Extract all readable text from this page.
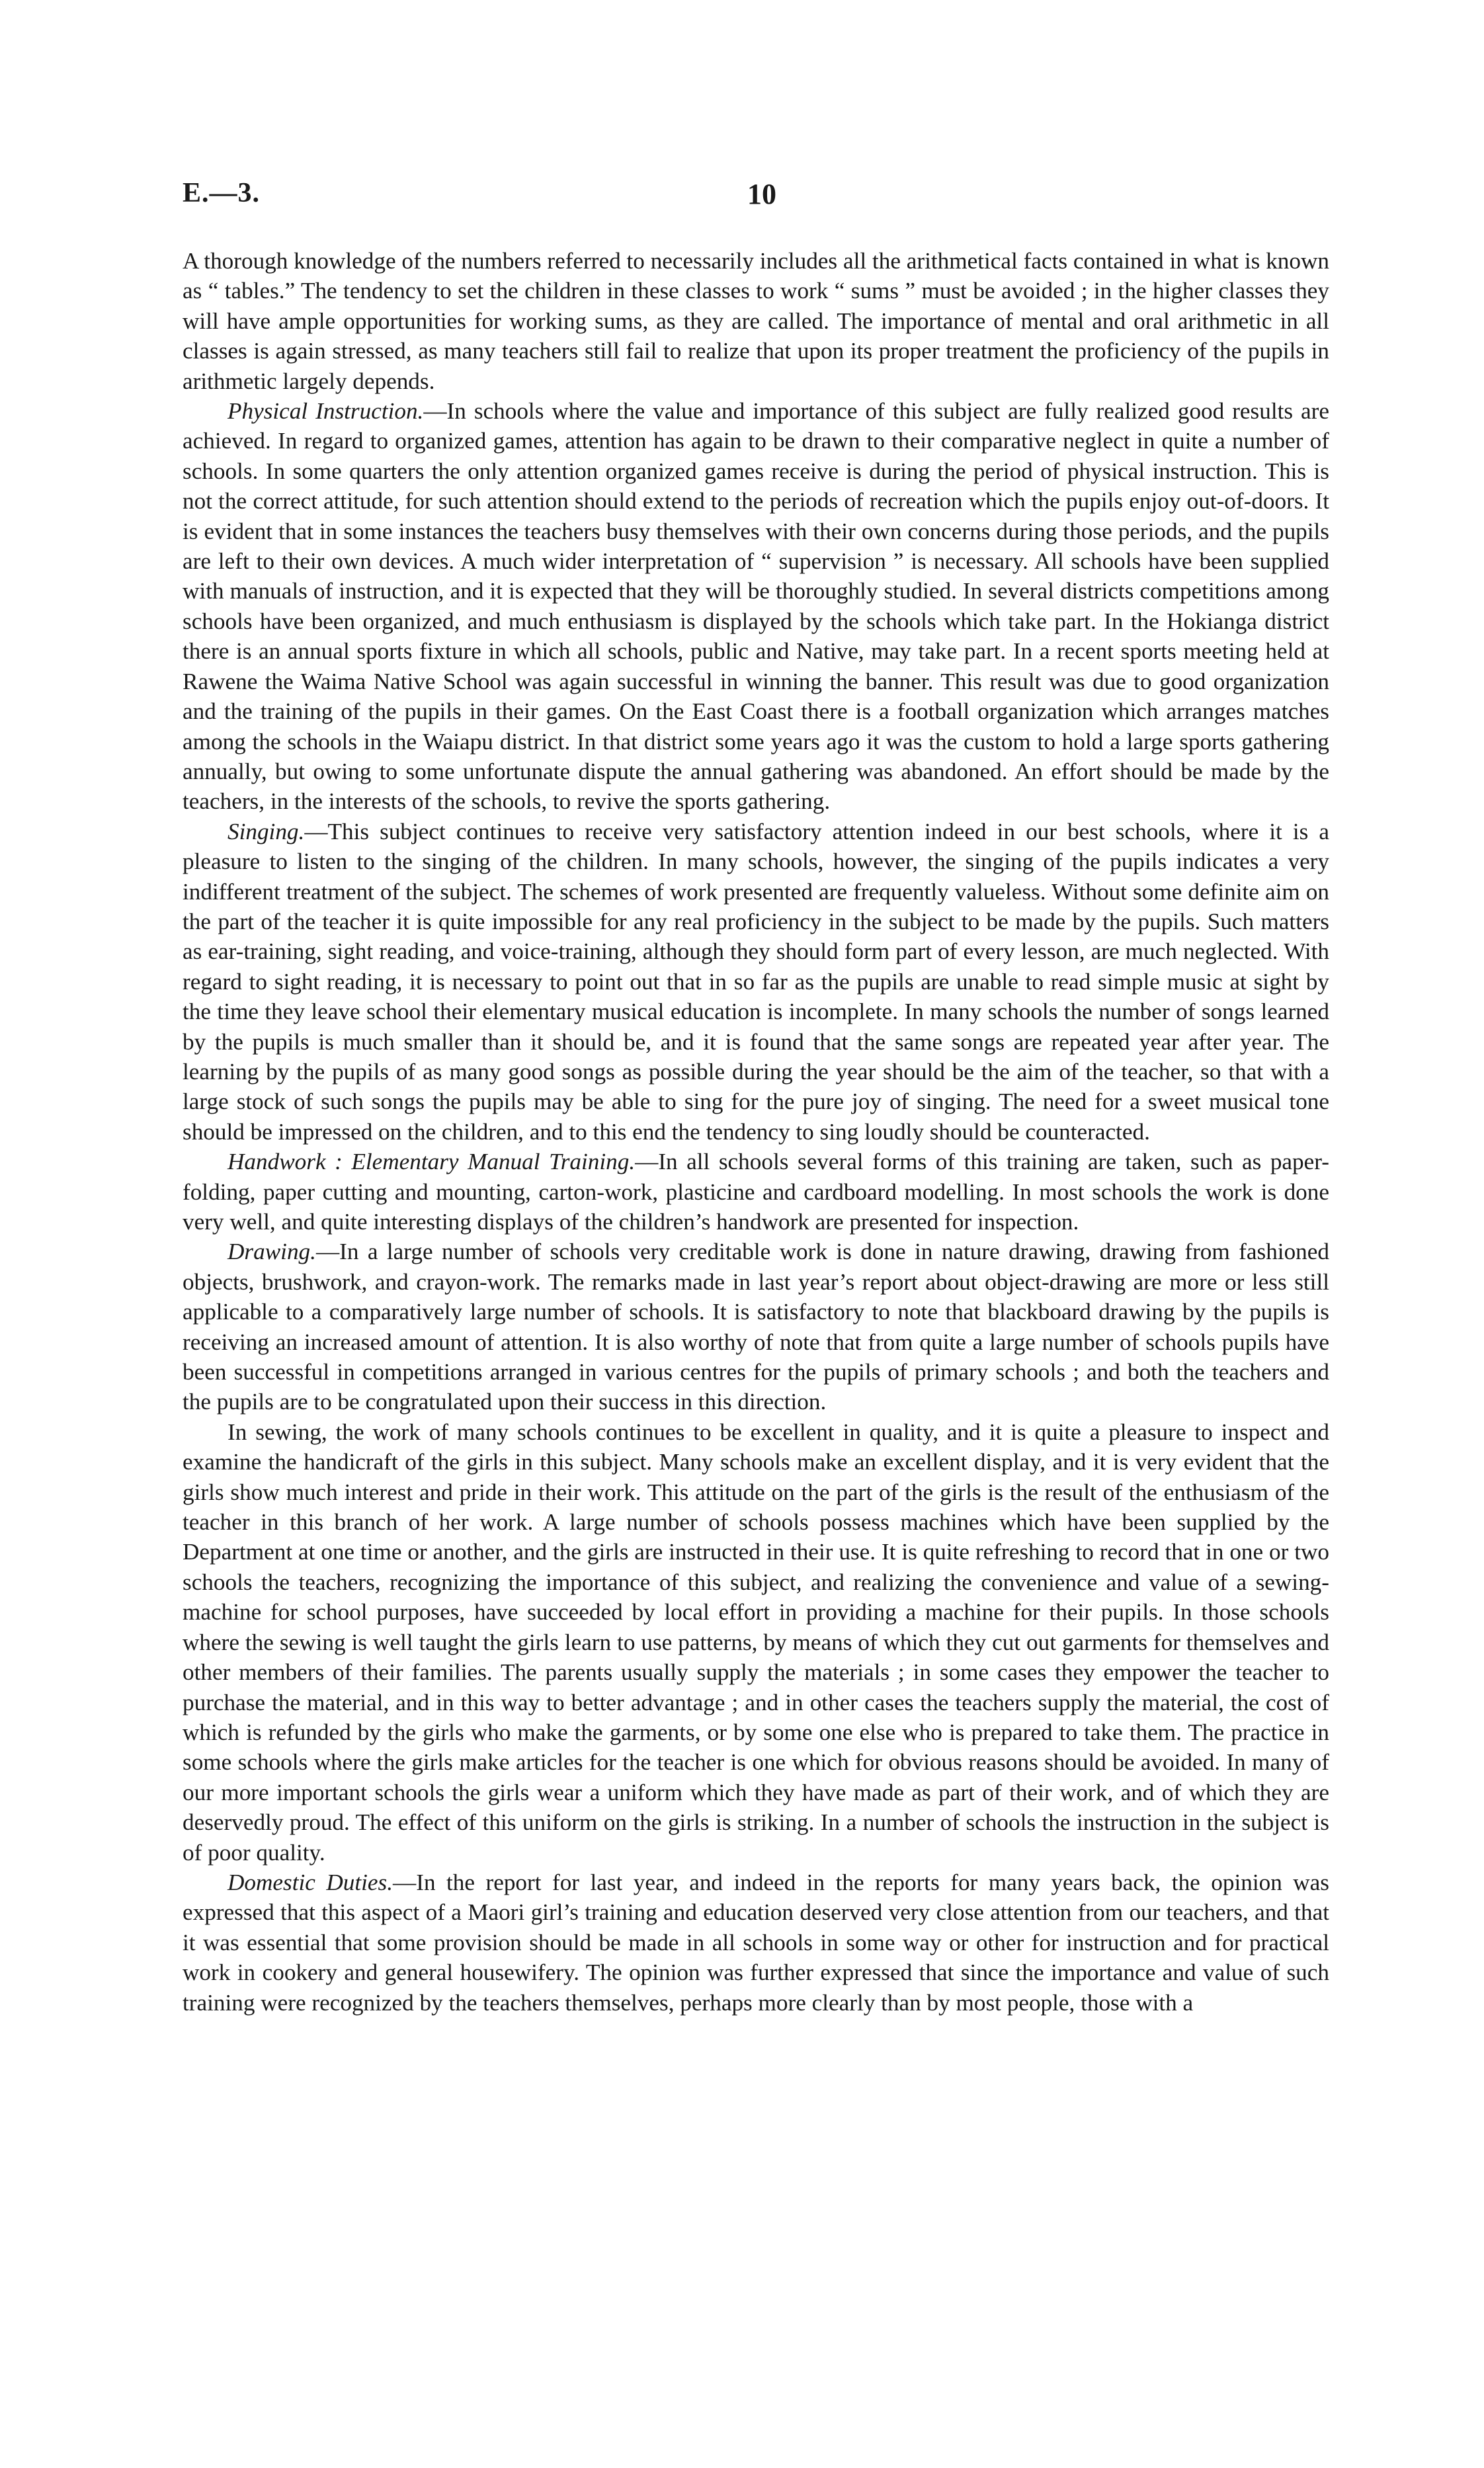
E.—3.	10

A thorough knowledge of the numbers referred to necessarily includes all the arithmetical facts contained in what is known as “ tables.” The tendency to set the children in these classes to work “ sums ” must be avoided ; in the higher classes they will have ample opportunities for working sums, as they are called. The importance of mental and oral arithmetic in all classes is again stressed, as many teachers still fail to realize that upon its proper treatment the proficiency of the pupils in arithmetic largely depends.

Physical Instruction.—In schools where the value and importance of this subject are fully realized good results are achieved. In regard to organized games, attention has again to be drawn to their comparative neglect in quite a number of schools. In some quarters the only attention organized games receive is during the period of physical instruction. This is not the correct attitude, for such attention should extend to the periods of recreation which the pupils enjoy out-of-doors. It is evident that in some instances the teachers busy themselves with their own concerns during those periods, and the pupils are left to their own devices. A much wider interpretation of “ supervision ” is necessary. All schools have been supplied with manuals of instruction, and it is expected that they will be thoroughly studied. In several districts competitions among schools have been organized, and much enthusiasm is displayed by the schools which take part. In the Hokianga district there is an annual sports fixture in which all schools, public and Native, may take part. In a recent sports meeting held at Rawene the Waima Native School was again successful in winning the banner. This result was due to good organization and the training of the pupils in their games. On the East Coast there is a football organization which arranges matches among the schools in the Waiapu district. In that district some years ago it was the custom to hold a large sports gathering annually, but owing to some unfortunate dispute the annual gathering was abandoned. An effort should be made by the teachers, in the interests of the schools, to revive the sports gathering.

Singing.—This subject continues to receive very satisfactory attention indeed in our best schools, where it is a pleasure to listen to the singing of the children. In many schools, however, the singing of the pupils indicates a very indifferent treatment of the subject. The schemes of work presented are frequently valueless. Without some definite aim on the part of the teacher it is quite impossible for any real proficiency in the subject to be made by the pupils. Such matters as ear-training, sight reading, and voice-training, although they should form part of every lesson, are much neglected. With regard to sight reading, it is necessary to point out that in so far as the pupils are unable to read simple music at sight by the time they leave school their elementary musical education is incomplete. In many schools the number of songs learned by the pupils is much smaller than it should be, and it is found that the same songs are repeated year after year. The learning by the pupils of as many good songs as possible during the year should be the aim of the teacher, so that with a large stock of such songs the pupils may be able to sing for the pure joy of singing. The need for a sweet musical tone should be impressed on the children, and to this end the tendency to sing loudly should be counteracted.

Handwork : Elementary Manual Training.—In all schools several forms of this training are taken, such as paper-folding, paper cutting and mounting, carton-work, plasticine and cardboard modelling. In most schools the work is done very well, and quite interesting displays of the children’s handwork are presented for inspection.

Drawing.—In a large number of schools very creditable work is done in nature drawing, drawing from fashioned objects, brushwork, and crayon-work. The remarks made in last year’s report about object-drawing are more or less still applicable to a comparatively large number of schools. It is satisfactory to note that blackboard drawing by the pupils is receiving an increased amount of attention. It is also worthy of note that from quite a large number of schools pupils have been successful in competitions arranged in various centres for the pupils of primary schools ; and both the teachers and the pupils are to be congratulated upon their success in this direction.

In sewing, the work of many schools continues to be excellent in quality, and it is quite a pleasure to inspect and examine the handicraft of the girls in this subject. Many schools make an excellent display, and it is very evident that the girls show much interest and pride in their work. This attitude on the part of the girls is the result of the enthusiasm of the teacher in this branch of her work. A large number of schools possess machines which have been supplied by the Department at one time or another, and the girls are instructed in their use. It is quite refreshing to record that in one or two schools the teachers, recognizing the importance of this subject, and realizing the convenience and value of a sewing-machine for school purposes, have succeeded by local effort in providing a machine for their pupils. In those schools where the sewing is well taught the girls learn to use patterns, by means of which they cut out garments for themselves and other members of their families. The parents usually supply the materials ; in some cases they empower the teacher to purchase the material, and in this way to better advantage ; and in other cases the teachers supply the material, the cost of which is refunded by the girls who make the garments, or by some one else who is prepared to take them. The practice in some schools where the girls make articles for the teacher is one which for obvious reasons should be avoided. In many of our more important schools the girls wear a uniform which they have made as part of their work, and of which they are deservedly proud. The effect of this uniform on the girls is striking. In a number of schools the instruction in the subject is of poor quality.

Domestic Duties.—In the report for last year, and indeed in the reports for many years back, the opinion was expressed that this aspect of a Maori girl’s training and education deserved very close attention from our teachers, and that it was essential that some provision should be made in all schools in some way or other for instruction and for practical work in cookery and general housewifery. The opinion was further expressed that since the importance and value of such training were recognized by the teachers themselves, perhaps more clearly than by most people, those with a
